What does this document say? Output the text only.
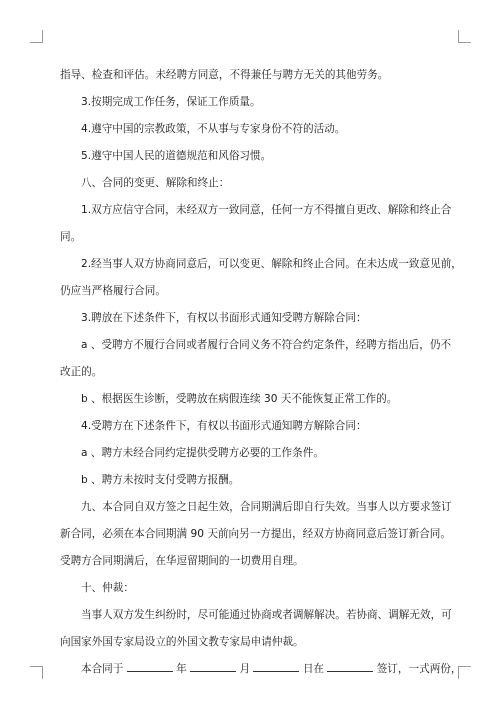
指导、检查和评估。未经聘方同意，不得兼任与聘方无关的其他劳务。

3.按期完成工作任务，保证工作质量。

4.遵守中国的宗教政策，不从事与专家身份不符的活动。

5.遵守中国人民的道德规范和风俗习惯。

八、合同的变更、解除和终止：

1.双方应信守合同，未经双方一致同意，任何一方不得擅自更改、解除和终止合

同。

2.经当事人双方协商同意后，可以变更、解除和终止合同。在未达成一致意见前，

仍应当严格履行合同。

3.聘放在下述条件下，有权以书面形式通知受聘方解除合同：

a 、受聘方不履行合同或者履行合同义务不符合约定条件，经聘方指出后，仍不

改正的。

b 、根据医生诊断，受聘放在病假连续 30 天不能恢复正常工作的。

4.受聘方在下述条件下，有权以书面形式通知聘方解除合同：

a 、聘方未经合同约定提供受聘方必要的工作条件。

b 、聘方未按时支付受聘方报酬。

九、本合同自双方签之日起生效，合同期满后即自行失效。当事人以方要求签订

新合同，必须在本合同期满 90 天前向另一方提出，经双方协商同意后签订新合同。

受聘方合同期满后，在华逗留期间的一切费用自理。

十、仲裁：

当事人双方发生纠纷时，尽可能通过协商或者调解解决。若协商、调解无效，可

向国家外国专家局设立的外国文教专家局申请仲裁。

本合同于	年	月	日在	签订，一式两份，
